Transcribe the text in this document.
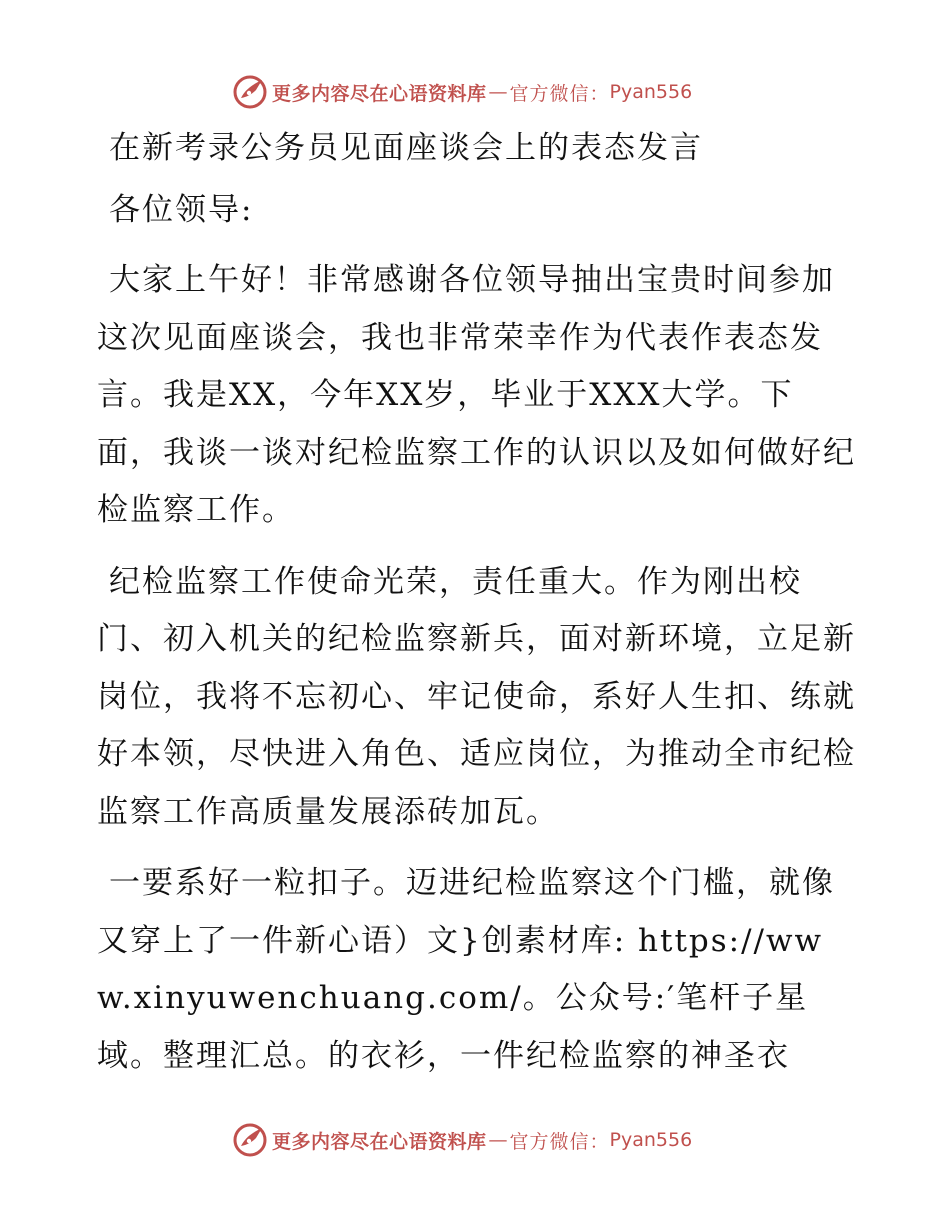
更多内容尽在心语资料库 — 官方微信： Pyan556
在新考录公务员见面座谈会上的表态发言
各位领导:

大家上午好！非常感谢各位领导抽出宝贵时间参加这次见面座谈会，我也非常荣幸作为代表作表态发言。我是XX，今年XX岁，毕业于XXX大学。下面，我谈一谈对纪检监察工作的认识以及如何做好纪检监察工作。

纪检监察工作使命光荣，责任重大。作为刚出校门、初入机关的纪检监察新兵，面对新环境，立足新岗位，我将不忘初心、牢记使命，系好人生扣、练就好本领，尽快进入角色、适应岗位，为推动全市纪检监察工作高质量发展添砖加瓦。

一要系好一粒扣子。迈进纪检监察这个门槛，就像又穿上了一件新心语）文}创素材库: https://www.xinyuwenchuang.com/。公众号:′笔杆子星域。整理汇总。的衣衫，一件纪检监察的神圣衣

更多内容尽在心语资料库 — 官方微信： Pyan556
